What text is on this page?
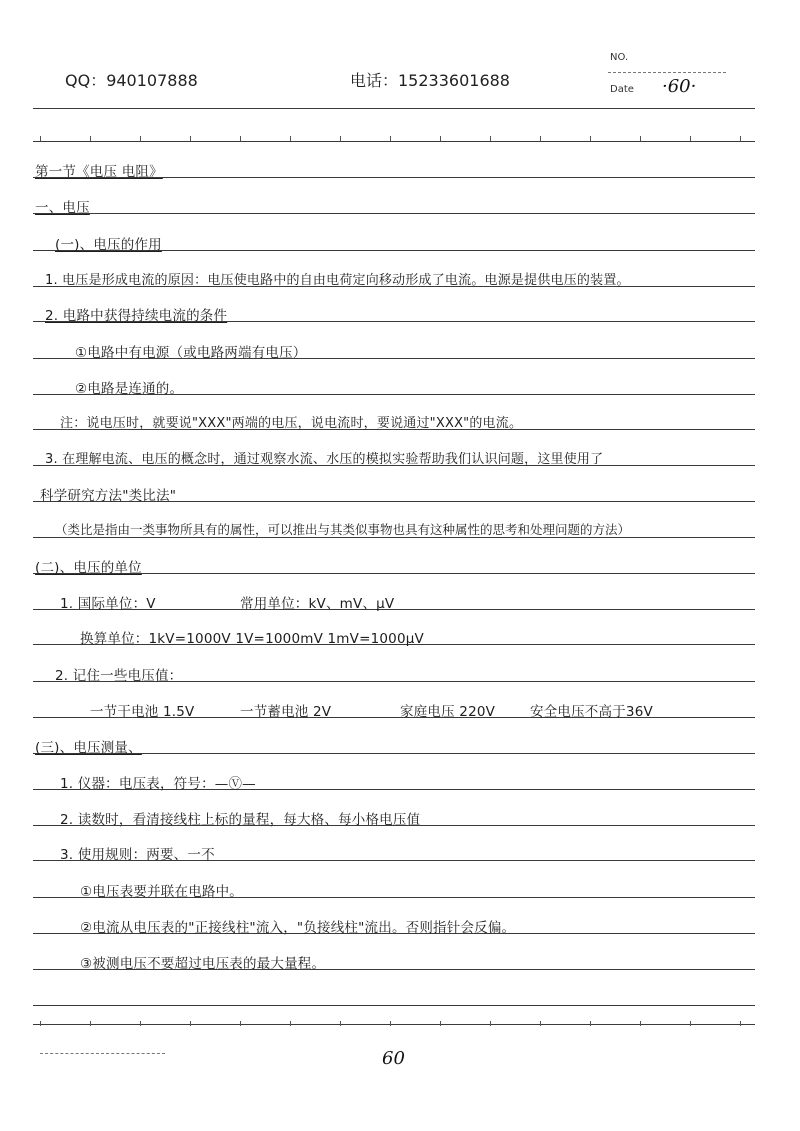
QQ：940107888	电话：15233601688
NO.
Date ·60·
第一节《电压 电阻》
一、电压
(一)、电压的作用
1. 电压是形成电流的原因：电压使电路中的自由电荷定向移动形成了电流。电源是提供电压的装置。
2. 电路中获得持续电流的条件
①电路中有电源（或电路两端有电压）
②电路是连通的。
注：说电压时，就要说"XXX"两端的电压，说电流时，要说通过"XXX"的电流。
3. 在理解电流、电压的概念时，通过观察水流、水压的模拟实验帮助我们认识问题，这里使用了
科学研究方法"类比法"
（类比是指由一类事物所具有的属性，可以推出与其类似事物也具有这种属性的思考和处理问题的方法）
(二)、电压的单位
1. 国际单位：V	常用单位：kV、mV、μV
换算单位：1kV=1000V 1V=1000mV 1mV=1000μV
2. 记住一些电压值：
一节干电池 1.5V	一节蓄电池 2V	家庭电压 220V	安全电压不高于36V
(三)、电压测量、
1. 仪器：电压表，符号：—Ⓥ—
2. 读数时，看清接线柱上标的量程，每大格、每小格电压值
3. 使用规则：两要、一不
①电压表要并联在电路中。
②电流从电压表的"正接线柱"流入，"负接线柱"流出。否则指针会反偏。
③被测电压不要超过电压表的最大量程。
60
